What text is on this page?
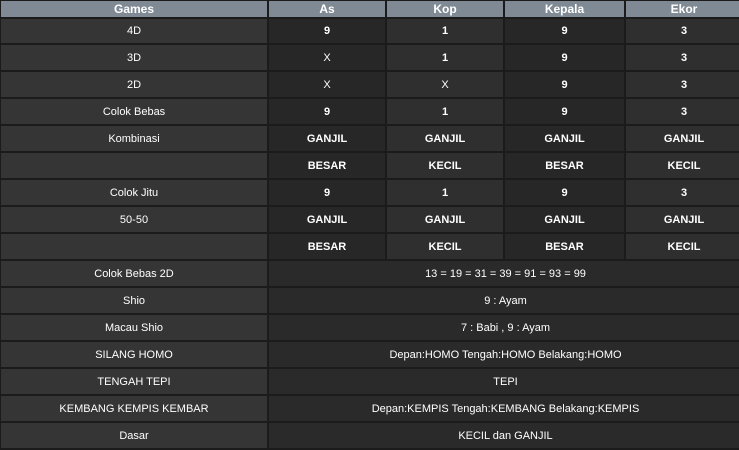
Games	As	Kop	Kepala	Ekor
4D	9	1	9	3
3D	X	1	9	3
2D	X	X	9	3
Colok Bebas	9	1	9	3
Kombinasi	GANJIL	GANJIL	GANJIL	GANJIL
	BESAR	KECIL	BESAR	KECIL
Colok Jitu	9	1	9	3
50-50	GANJIL	GANJIL	GANJIL	GANJIL
	BESAR	KECIL	BESAR	KECIL
Colok Bebas 2D	13 = 19 = 31 = 39 = 91 = 93 = 99			
Shio	9 : Ayam			
Macau Shio	7 : Babi , 9 : Ayam			
SILANG HOMO	Depan:HOMO Tengah:HOMO Belakang:HOMO			
TENGAH TEPI	TEPI			
KEMBANG KEMPIS KEMBAR	Depan:KEMPIS Tengah:KEMBANG Belakang:KEMPIS			
Dasar	KECIL dan GANJIL			
